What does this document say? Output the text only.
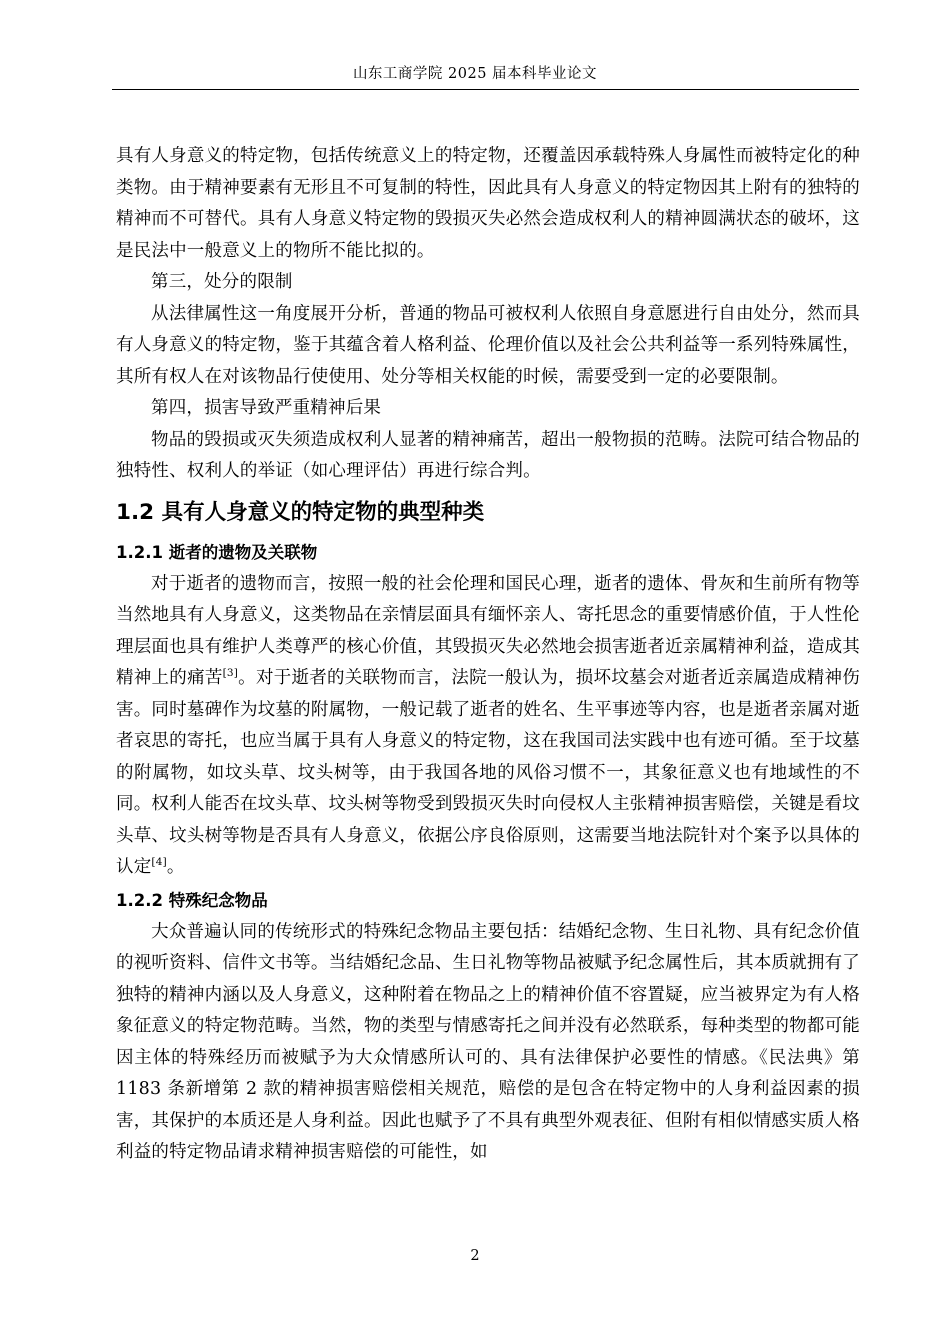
山东工商学院 2025 届本科毕业论文

具有人身意义的特定物，包括传统意义上的特定物，还覆盖因承载特殊人身属性而被特定化的种类物。由于精神要素有无形且不可复制的特性，因此具有人身意义的特定物因其上附有的独特的精神而不可替代。具有人身意义特定物的毁损灭失必然会造成权利人的精神圆满状态的破坏，这是民法中一般意义上的物所不能比拟的。

第三，处分的限制

从法律属性这一角度展开分析，普通的物品可被权利人依照自身意愿进行自由处分，然而具有人身意义的特定物，鉴于其蕴含着人格利益、伦理价值以及社会公共利益等一系列特殊属性，其所有权人在对该物品行使使用、处分等相关权能的时候，需要受到一定的必要限制。

第四，损害导致严重精神后果

物品的毁损或灭失须造成权利人显著的精神痛苦，超出一般物损的范畴。法院可结合物品的独特性、权利人的举证（如心理评估）再进行综合判。

1.2 具有人身意义的特定物的典型种类
1.2.1 逝者的遗物及关联物

对于逝者的遗物而言，按照一般的社会伦理和国民心理，逝者的遗体、骨灰和生前所有物等当然地具有人身意义，这类物品在亲情层面具有缅怀亲人、寄托思念的重要情感价值，于人性伦理层面也具有维护人类尊严的核心价值，其毁损灭失必然地会损害逝者近亲属精神利益，造成其精神上的痛苦[3]。对于逝者的关联物而言，法院一般认为，损坏坟墓会对逝者近亲属造成精神伤害。同时墓碑作为坟墓的附属物，一般记载了逝者的姓名、生平事迹等内容，也是逝者亲属对逝者哀思的寄托，也应当属于具有人身意义的特定物，这在我国司法实践中也有迹可循。至于坟墓的附属物，如坟头草、坟头树等，由于我国各地的风俗习惯不一，其象征意义也有地域性的不同。权利人能否在坟头草、坟头树等物受到毁损灭失时向侵权人主张精神损害赔偿，关键是看坟头草、坟头树等物是否具有人身意义，依据公序良俗原则，这需要当地法院针对个案予以具体的认定[4]。

1.2.2 特殊纪念物品

大众普遍认同的传统形式的特殊纪念物品主要包括：结婚纪念物、生日礼物、具有纪念价值的视听资料、信件文书等。当结婚纪念品、生日礼物等物品被赋予纪念属性后，其本质就拥有了独特的精神内涵以及人身意义，这种附着在物品之上的精神价值不容置疑，应当被界定为有人格象征意义的特定物范畴。当然，物的类型与情感寄托之间并没有必然联系，每种类型的物都可能因主体的特殊经历而被赋予为大众情感所认可的、具有法律保护必要性的情感。《民法典》第 1183 条新增第 2 款的精神损害赔偿相关规范，赔偿的是包含在特定物中的人身利益因素的损害，其保护的本质还是人身利益。因此也赋予了不具有典型外观表征、但附有相似情感实质人格利益的特定物品请求精神损害赔偿的可能性，如

2
